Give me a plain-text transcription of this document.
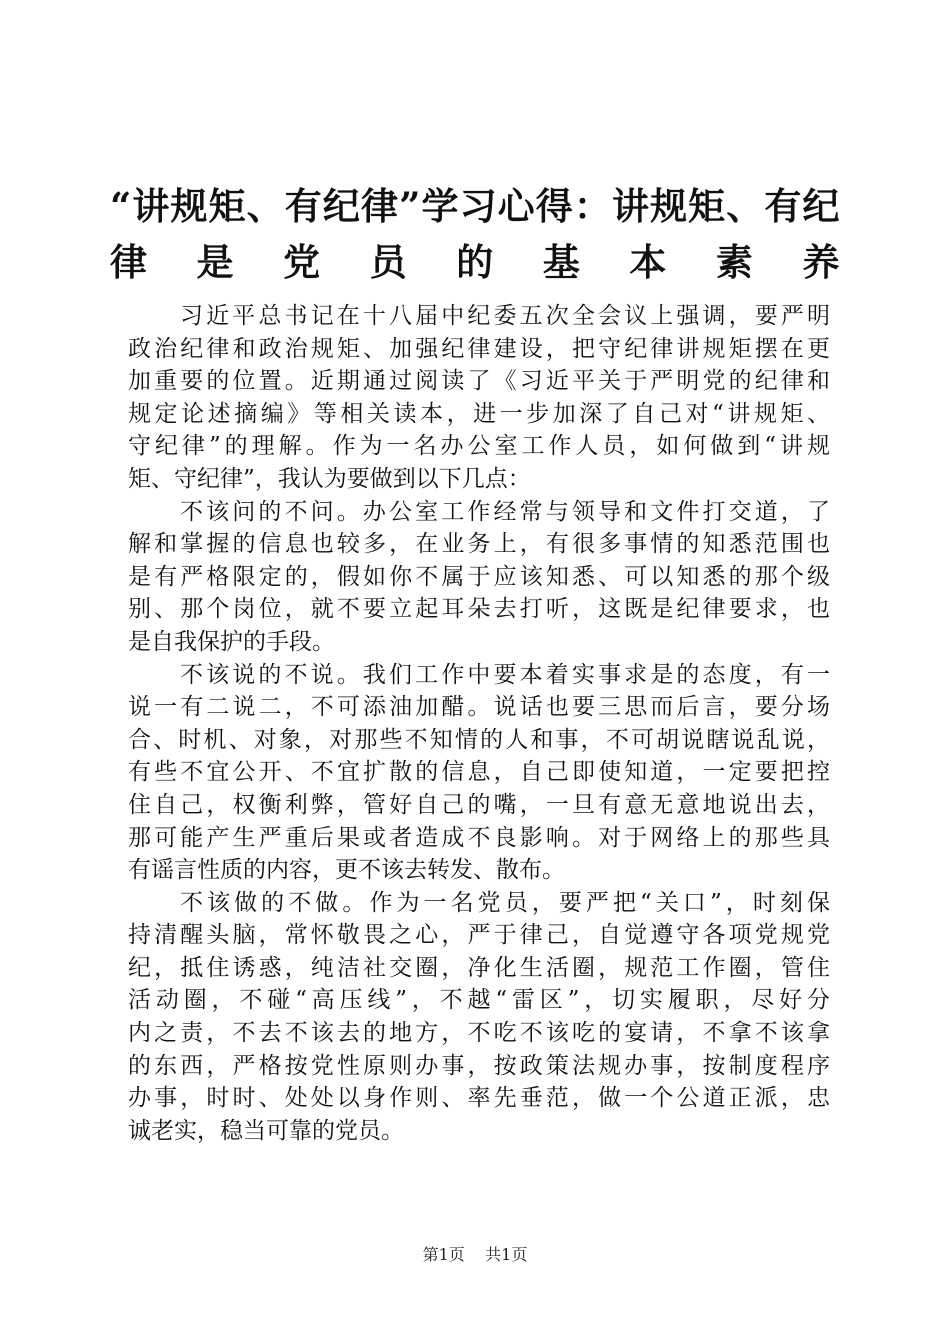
“讲规矩、有纪律”学习心得：讲规矩、有纪
律是党员的基本素养

习近平总书记在十八届中纪委五次全会议上强调，要严明
政治纪律和政治规矩、加强纪律建设，把守纪律讲规矩摆在更
加重要的位置。近期通过阅读了《习近平关于严明党的纪律和
规定论述摘编》等相关读本，进一步加深了自己对“讲规矩、
守纪律”的理解。作为一名办公室工作人员，如何做到“讲规
矩、守纪律”，我认为要做到以下几点：

不该问的不问。办公室工作经常与领导和文件打交道，了
解和掌握的信息也较多，在业务上，有很多事情的知悉范围也
是有严格限定的，假如你不属于应该知悉、可以知悉的那个级
别、那个岗位，就不要立起耳朵去打听，这既是纪律要求，也
是自我保护的手段。

不该说的不说。我们工作中要本着实事求是的态度，有一
说一有二说二，不可添油加醋。说话也要三思而后言，要分场
合、时机、对象，对那些不知情的人和事，不可胡说瞎说乱说，
有些不宜公开、不宜扩散的信息，自己即使知道，一定要把控
住自己，权衡利弊，管好自己的嘴，一旦有意无意地说出去，
那可能产生严重后果或者造成不良影响。对于网络上的那些具
有谣言性质的内容，更不该去转发、散布。

不该做的不做。作为一名党员，要严把“关口”，时刻保
持清醒头脑，常怀敬畏之心，严于律己，自觉遵守各项党规党
纪，抵住诱惑，纯洁社交圈，净化生活圈，规范工作圈，管住
活动圈，不碰“高压线”，不越“雷区”，切实履职，尽好分
内之责，不去不该去的地方，不吃不该吃的宴请，不拿不该拿
的东西，严格按党性原则办事，按政策法规办事，按制度程序
办事，时时、处处以身作则、率先垂范，做一个公道正派，忠
诚老实，稳当可靠的党员。

第1页 共1页
